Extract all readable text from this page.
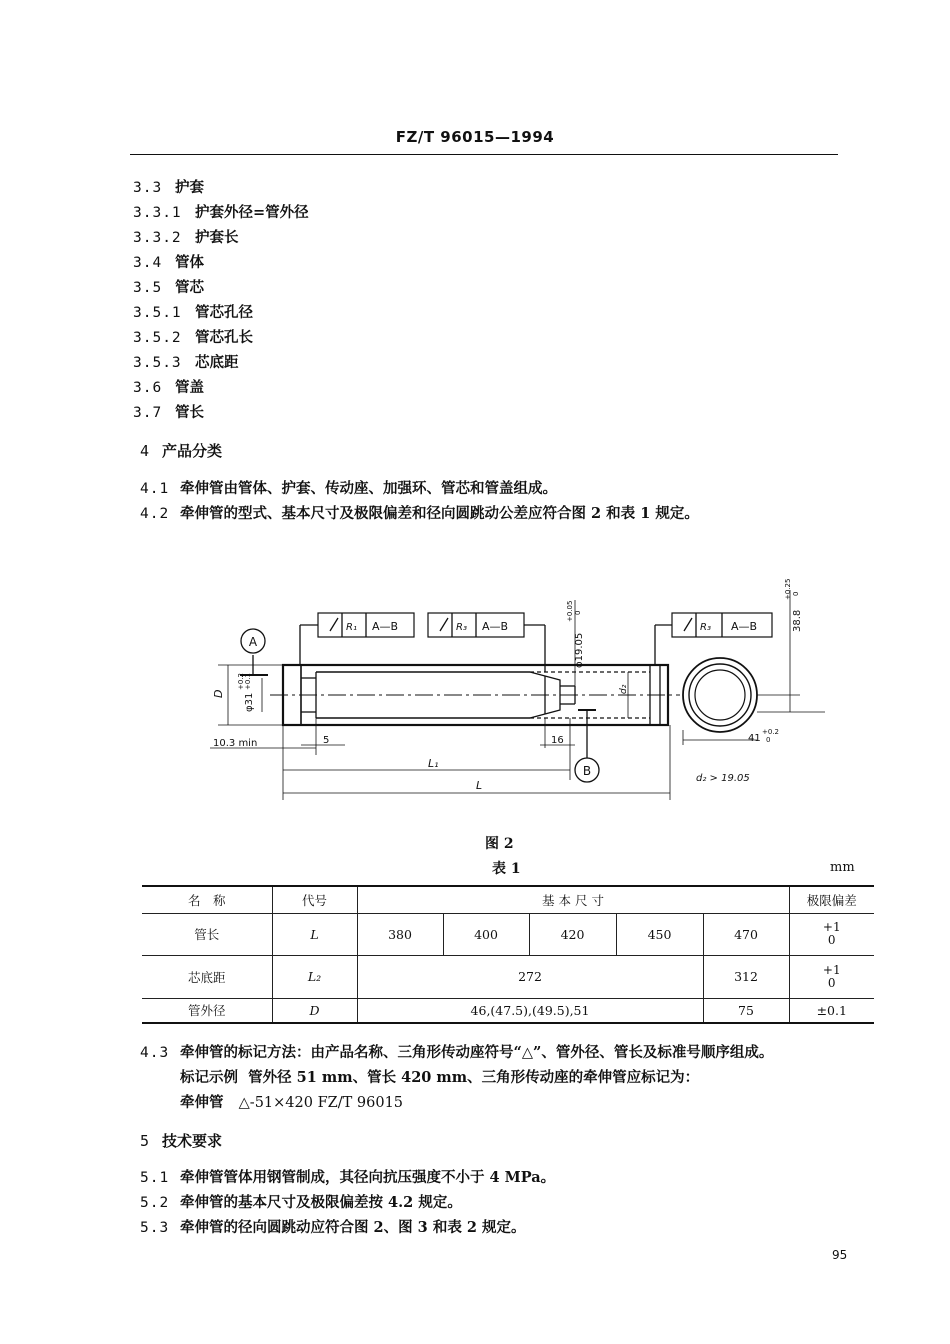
FZ/T 96015—1994
3.3 护套
3.3.1 护套外径=管外径
3.3.2 护套长
3.4 管体
3.5 管芯
3.5.1 管芯孔径
3.5.2 管芯孔长
3.5.3 芯底距
3.6 管盖
3.7 管长
4 产品分类
4.1 牵伸管由管体、护套、传动座、加强环、管芯和管盖组成。
4.2 牵伸管的型式、基本尺寸及极限偏差和径向圆跳动公差应符合图 2 和表 1 规定。
A
B
R₁ A—B	R₃ A—B	R₃ A—B
D φ31
+0.2 +0.1
φ19.05
+0.05 0	38.8
+0.25 0
d₂
10.3 min	5	16
L₁
L
41
+0.2
0
d₂ > 19.05
图 2
表 1	mm
名　称	代号	基 本 尺 寸					极限偏差
管长	L	380	400	420	450	470	+1
0
芯底距	L₂	272				312	+1
0
管外径	D	46,(47.5),(49.5),51				75	±0.1
4.3 牵伸管的标记方法：由产品名称、三角形传动座符号“△”、管外径、管长及标准号顺序组成。
标记示例 管外径 51 mm、管长 420 mm、三角形传动座的牵伸管应标记为：
牵伸管 △-51×420 FZ/T 96015
5 技术要求
5.1 牵伸管管体用钢管制成，其径向抗压强度不小于 4 MPa。
5.2 牵伸管的基本尺寸及极限偏差按 4.2 规定。
5.3 牵伸管的径向圆跳动应符合图 2、图 3 和表 2 规定。
95
